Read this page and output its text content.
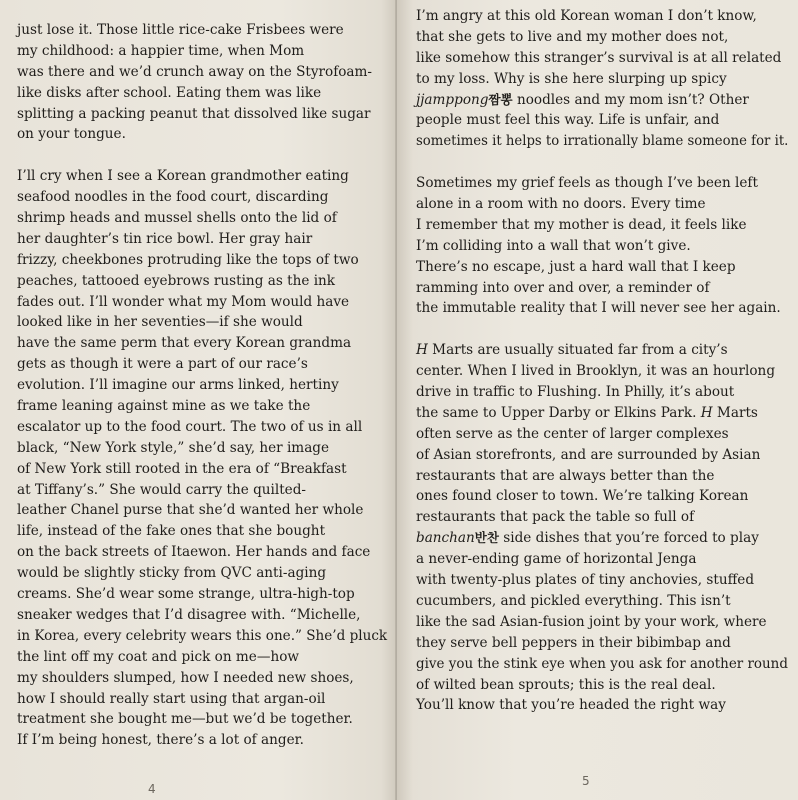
just lose it. Those little rice-cake Frisbees were
my childhood: a happier time, when Mom
was there and we’d crunch away on the Styrofoam-
like disks after school. Eating them was like
splitting a packing peanut that dissolved like sugar
on your tongue.
I’ll cry when I see a Korean grandmother eating
seafood noodles in the food court, discarding
shrimp heads and mussel shells onto the lid of
her daughter’s tin rice bowl. Her gray hair
frizzy, cheekbones protruding like the tops of two
peaches, tattooed eyebrows rusting as the ink
fades out. I’ll wonder what my Mom would have
looked like in her seventies—if she would
have the same perm that every Korean grandma
gets as though it were a part of our race’s
evolution. I’ll imagine our arms linked, hertiny
frame leaning against mine as we take the
escalator up to the food court. The two of us in all
black, “New York style,” she’d say, her image
of New York still rooted in the era of “Breakfast
at Tiffany’s.” She would carry the quilted-
leather Chanel purse that she’d wanted her whole
life, instead of the fake ones that she bought
on the back streets of Itaewon. Her hands and face
would be slightly sticky from QVC anti-aging
creams. She’d wear some strange, ultra-high-top
sneaker wedges that I’d disagree with. “Michelle,
in Korea, every celebrity wears this one.” She’d pluck
the lint off my coat and pick on me—how
my shoulders slumped, how I needed new shoes,
how I should really start using that argan-oil
treatment she bought me—but we’d be together.
If I’m being honest, there’s a lot of anger.
4
I’m angry at this old Korean woman I don’t know,
that she gets to live and my mother does not,
like somehow this stranger’s survival is at all related
to my loss. Why is she here slurping up spicy
jjamppong짬뽕 noodles and my mom isn’t? Other
people must feel this way. Life is unfair, and
sometimes it helps to irrationally blame someone for it.
Sometimes my grief feels as though I’ve been left
alone in a room with no doors. Every time
I remember that my mother is dead, it feels like
I’m colliding into a wall that won’t give.
There’s no escape, just a hard wall that I keep
ramming into over and over, a reminder of
the immutable reality that I will never see her again.
H Marts are usually situated far from a city’s
center. When I lived in Brooklyn, it was an hourlong
drive in traffic to Flushing. In Philly, it’s about
the same to Upper Darby or Elkins Park. H Marts
often serve as the center of larger complexes
of Asian storefronts, and are surrounded by Asian
restaurants that are always better than the
ones found closer to town. We’re talking Korean
restaurants that pack the table so full of
banchan반찬 side dishes that you’re forced to play
a never-ending game of horizontal Jenga
with twenty-plus plates of tiny anchovies, stuffed
cucumbers, and pickled everything. This isn’t
like the sad Asian-fusion joint by your work, where
they serve bell peppers in their bibimbap and
give you the stink eye when you ask for another round
of wilted bean sprouts; this is the real deal.
You’ll know that you’re headed the right way
5
